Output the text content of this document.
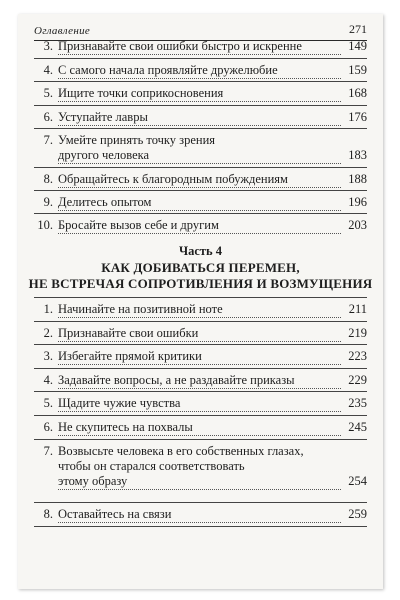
Оглавление	271
3. Признавайте свои ошибки быстро и искренне	149
4. С самого начала проявляйте дружелюбие	159
5. Ищите точки соприкосновения	168
6. Уступайте лавры	176
7. Умейте принять точку зрения
другого человека	183
8. Обращайтесь к благородным побуждениям	188
9. Делитесь опытом	196
10. Бросайте вызов себе и другим	203
Часть 4
КАК ДОБИВАТЬСЯ ПЕРЕМЕН,
НЕ ВСТРЕЧАЯ СОПРОТИВЛЕНИЯ И ВОЗМУЩЕНИЯ
1. Начинайте на позитивной ноте	211
2. Признавайте свои ошибки	219
3. Избегайте прямой критики	223
4. Задавайте вопросы, а не раздавайте приказы	229
5. Щадите чужие чувства	235
6. Не скупитесь на похвалы	245
7. Возвысьте человека в его собственных глазах,
чтобы он старался соответствовать
этому образу	254
8. Оставайтесь на связи	259
